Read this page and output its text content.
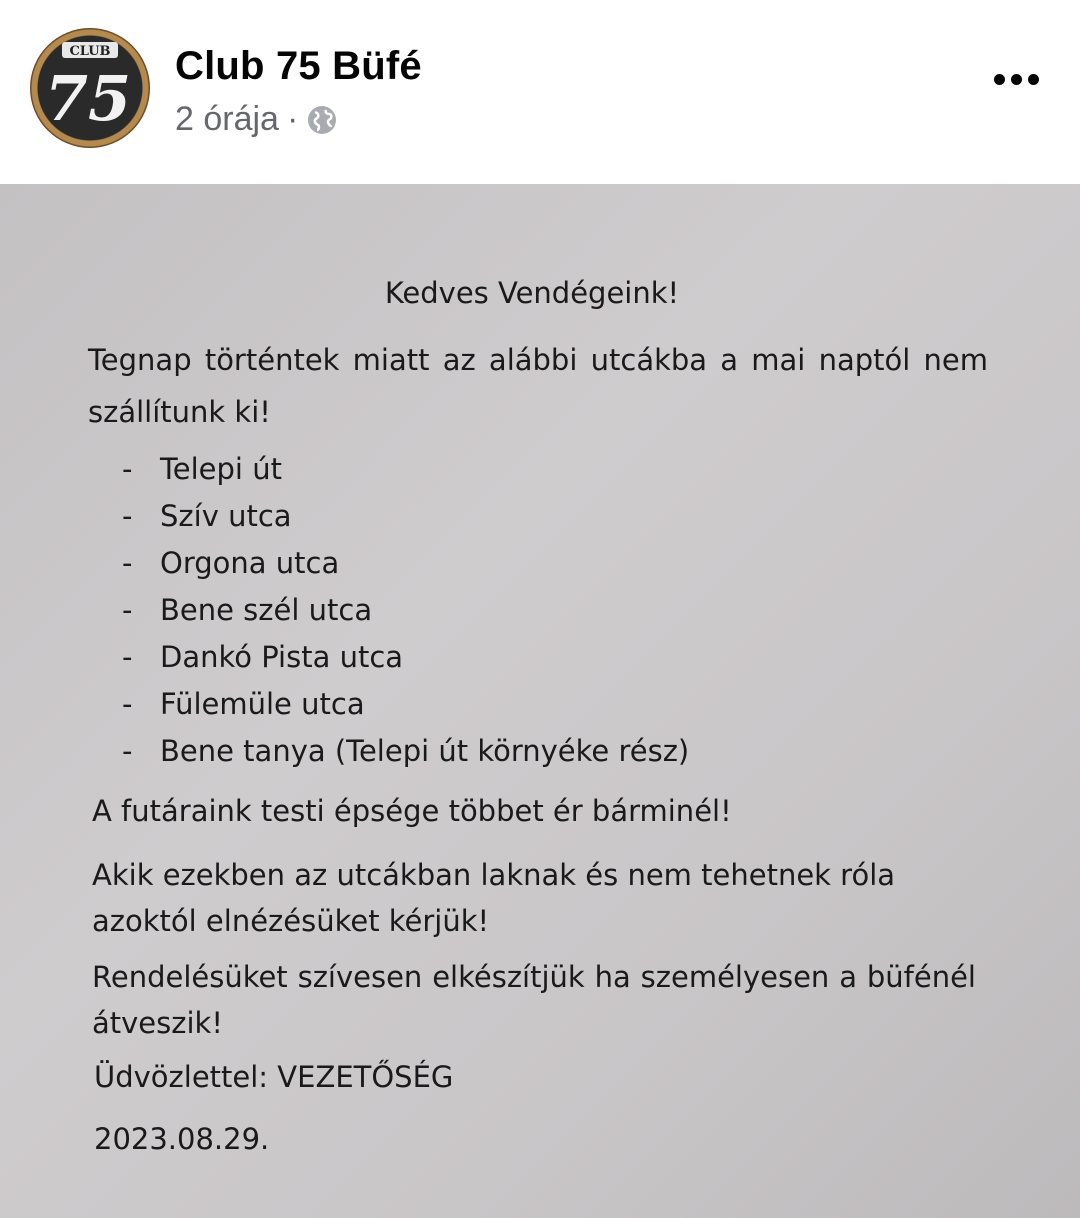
CLUB
75 Club 75 Büfé
2 órája ·
Kedves Vendégeink!
Tegnap történtek miatt az alábbi utcákba a mai naptól nem
szállítunk ki!
- Telepi út
- Szív utca
- Orgona utca
- Bene szél utca
- Dankó Pista utca
- Fülemüle utca
- Bene tanya (Telepi út környéke rész)
A futáraink testi épsége többet ér bárminél!
Akik ezekben az utcákban laknak és nem tehetnek róla azoktól elnézésüket kérjük!
Rendelésüket szívesen elkészítjük ha személyesen a büfénél
átveszik!
Üdvözlettel: VEZETŐSÉG
2023.08.29.
